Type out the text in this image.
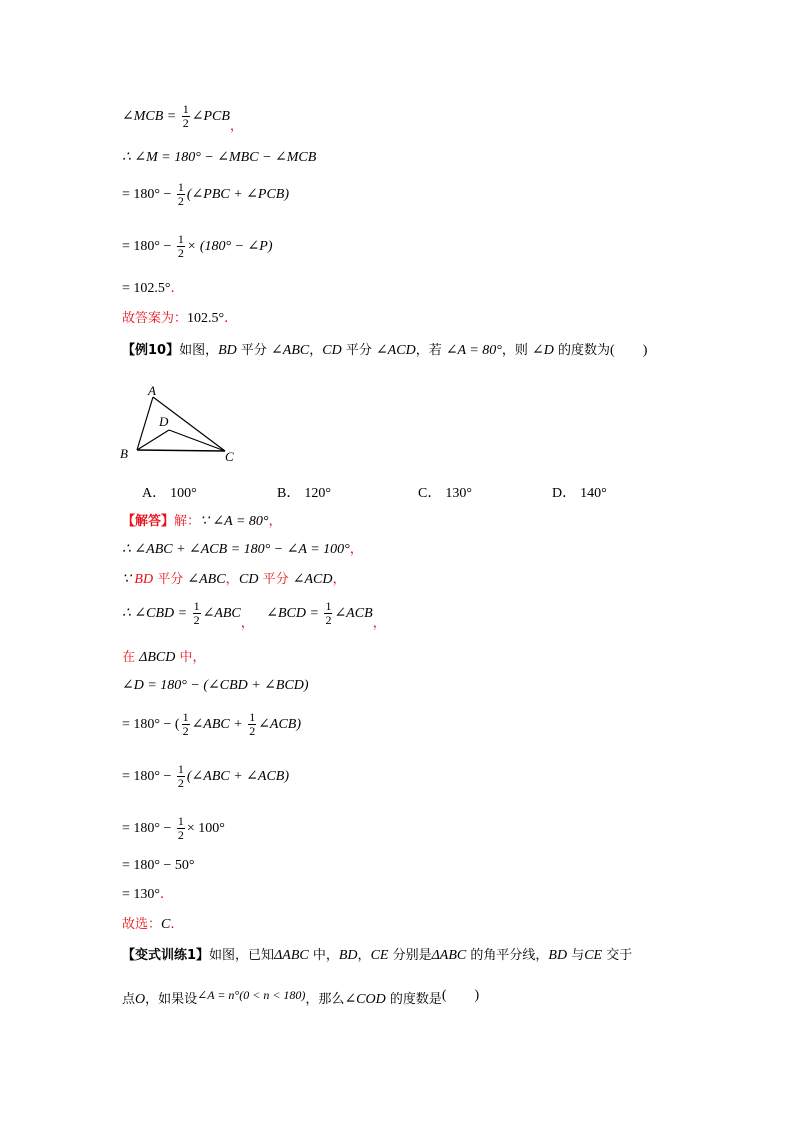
∠MCB = $\frac{1}{2}$ ∠PCB，
∴ ∠M = 180° − ∠MBC − ∠MCB
= $180^\circ - \frac{1}{2}$ (∠PBC + ∠PCB)
= $180^\circ - \frac{1}{2} \times (180^\circ$ − ∠P)
= 102.5°．
故答案为：102.5°．
【例10】如图，BD 平分 ∠ABC，CD 平分 ∠ACD，若 ∠A = 80°，则 ∠D 的度数为(　　)
A
D
B	C
A． 100°	B． 120°	C． 130°	D． 140°
【解答】解：∵ ∠A = 80°，
∴ ∠ABC + ∠ACB = 180° − ∠A = 100°，
∵ BD 平分 ∠ABC，CD 平分 ∠ACD，
∴ ∠CBD = $\frac{1}{2}$ ∠ABC，∠BCD = $\frac{1}{2}$ ∠ACB，
在 ΔBCD 中，
∠D = 180° − (∠CBD + ∠BCD)
= 180° − ( $\frac{1}{2}$ ∠ABC + $\frac{1}{2}$ ∠ACB)
= $180^\circ - \frac{1}{2}$ (∠ABC + ∠ACB)
= $180^\circ - \frac{1}{2} \times 100^\circ$
= 180° − 50°
= 130°．
故选：C．
【变式训练1】如图，已知ΔABC 中，BD，CE 分别是ΔABC 的角平分线，BD 与CE 交于
点O，如果设∠A = n°(0 < n < 180)，那么∠COD 的度数是(　　)
